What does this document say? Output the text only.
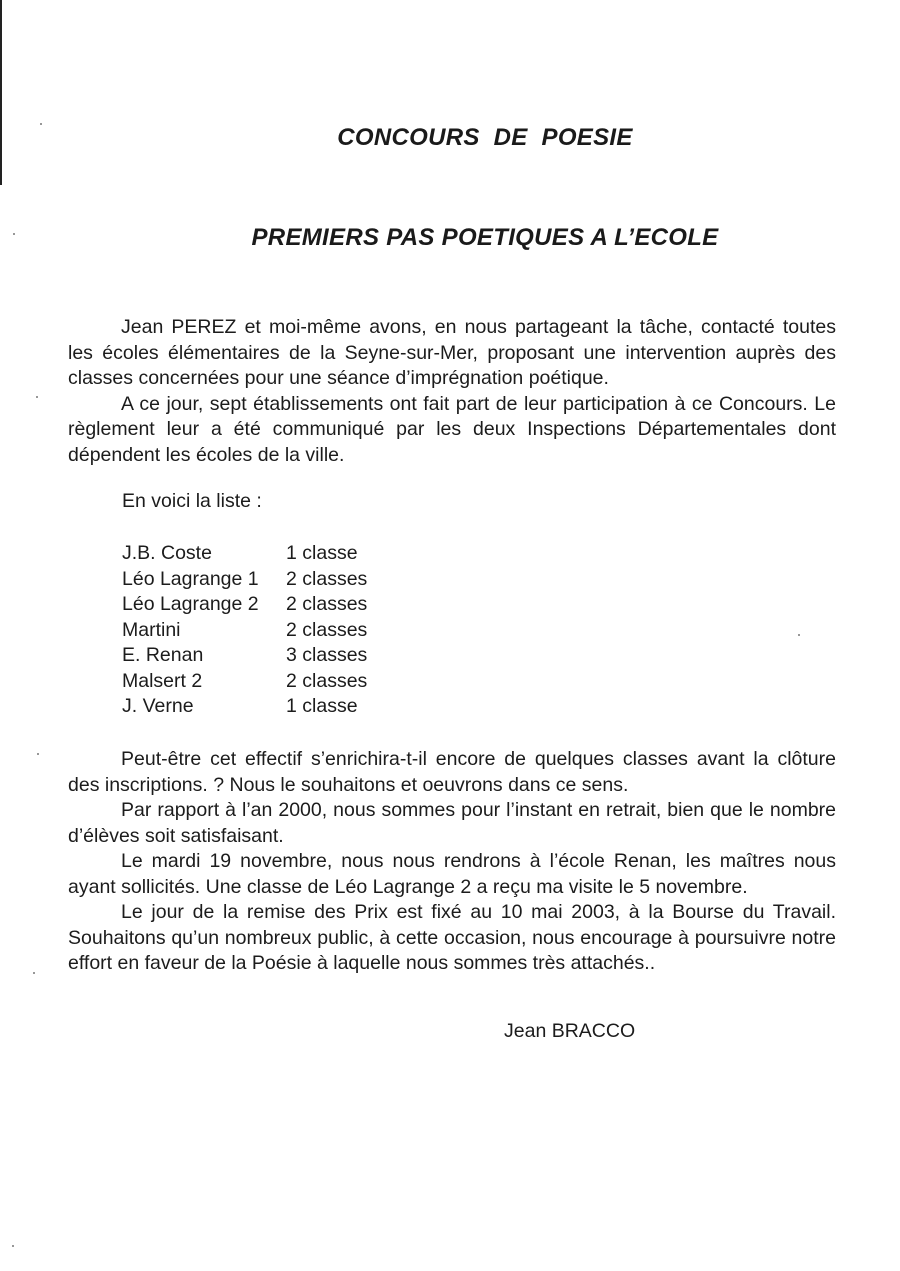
CONCOURS  DE  POESIE
PREMIERS PAS POETIQUES A L’ECOLE

Jean PEREZ et moi-même avons, en nous partageant la tâche, contacté toutes les écoles élémentaires de la Seyne-sur-Mer, proposant une intervention auprès des classes concernées pour une séance d’imprégnation poétique.

A ce jour, sept établissements ont fait part de leur participation à ce Concours. Le règlement leur a été communiqué par les deux Inspections Départementales dont dépendent les écoles de la ville.

En voici la liste :
J.B. Coste	1 classe
Léo Lagrange 1	2 classes
Léo Lagrange 2	2 classes
Martini	2 classes
E. Renan	3 classes
Malsert 2	2 classes
J. Verne	1 classe

Peut-être cet effectif s’enrichira-t-il encore de quelques classes avant la clôture des inscriptions. ? Nous le souhaitons et oeuvrons dans ce sens.

Par rapport à l’an 2000, nous sommes pour l’instant en retrait, bien que le nombre d’élèves soit satisfaisant.

Le mardi 19 novembre, nous nous rendrons à l’école Renan, les maîtres nous ayant sollicités. Une classe de Léo Lagrange 2 a reçu ma visite le 5 novembre.

Le jour de la remise des Prix est fixé au 10 mai 2003, à la Bourse du Travail. Souhaitons qu’un nombreux public, à cette occasion, nous encourage à poursuivre notre effort en faveur de la Poésie à laquelle nous sommes très attachés..

Jean BRACCO
